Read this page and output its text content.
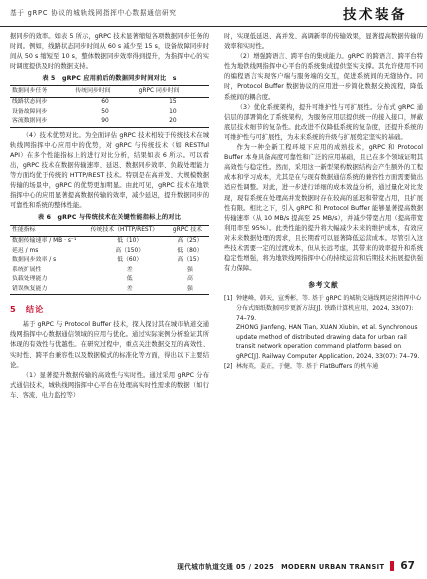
基于 gRPC 协议的城轨线网指挥中心数据通信研究	技术装备

据同步的效率。如表 5 所示，gRPC 技术显著缩短各项数据同步任务的时间。例如，线路状态同步时间从 60 s 减少至 15 s，设备故障同步时间从 50 s 缩短至 10 s，整体数据同步效率得到提升，为指挥中心的实时调度提供及时的数据支持。

表 5　gRPC 应用前后的数据同步时间对比　s
数据同步任务	传统同步时间	gRPC 同步时间
线路状态同步	60	15
设备故障同步	50	10
客流数据同步	90	20

（4）技术优势对比。为全面评估 gRPC 技术相较于传统技术在城轨线网指挥中心应用中的优势，对 gRPC 与传统技术（如 RESTful API）在多个性能指标上的进行对比分析，结果如表 6 所示。可以看出，gRPC 技术在数据传输速率、延迟、数据同步效率、负载处理能力等方面均优于传统的 HTTP/REST 技术。特别是在高并发、大规模数据传输的场景中，gRPC 的优势更加明显。由此可见，gRPC 技术在地铁指挥中心的应用显著提高数据传输的效率，减少延迟，提升数据同步的可靠性和系统的整体性能。

表 6　gRPC 与传统技术在关键性能指标上的对比
性能指标	传统技术（HTTP/REST）	gRPC 技术
数据传输速率 / MB · s⁻¹	低（10）	高（25）
延迟 / ms	高（150）	低（80）
数据同步效率 / s	低（60）	高（15）
系统扩展性	差	强
负载处理能力	低	高
错误恢复能力	差	强
5　结论

基于 gRPC 与 Protocol Buffer 技术，探入探讨其在城市轨道交通线网指挥中心数据通信领域的应用与优化。通过实际案例分析验证其所体现的有效性与优越性。在研究过程中，重点关注数据交互的高效性、实时性、跨平台兼容性以及数据模式的标准化等方面，得出以下主要结论。

（1）显著提升数据传输的高效性与实时性。通过采用 gRPC 分布式通信技术，城轨线网指挥中心平台在处理高实时性需求的数据（如行车、客流、电力监控等）

时，实现低延迟、高并发、高调新率的传输效果，显著提高数据传输的效率和实时性。

（2）增强跨语言、跨平台的集成能力。gRPC 的跨语言、跨平台特性为地铁线网指挥中心平台的系统集成提供坚实支撑。其允许使用不同的编程语言实现客户端与服务端的交互，促进系统间的无缝协作。同时，Protocol Buffer 数据协议的应用进一步简化数据交换流程，降低系统间的耦合度。

（3）优化系统架构，提升可维护性与可扩展性。分布式 gRPC 通信层的部署简化了系统架构，为服务应用层提供统一的接入接口，屏蔽底层技术细节的复杂性。此改进不仅降低系统的复杂度，还提升系统的可维护性与可扩展性，为未来系统的升级与扩展奠定坚实的基础。

作为一种全新工程环境下应用的成熟技术，gRPC 和 Protocol Buffer 本身具备高度可靠性和广泛的应用基础，且已在多个领域证明其高效性与稳定性。然而，采用这一新型架构数据结构会产生额外的工程成本和学习成本，尤其是在与现有数据通信系统的兼容性方面需要做出适应性调整。对此，进一步进行详细的成本效益分析，通过量化对比发现，现有系统在处理高并发数据时存在较高的延迟和带宽占用，且扩展性有限。相比之下，引入 gRPC 和 Protocol Buffer 能够显著提高数据传输速率（从 10 MB/s 提高至 25 MB/s），并减少带宽占用（提高带宽利用率至 95%）。此类性能的提升将大幅减少未来的维护成本，有效应对未来数据处理的需求，且长期看可以显著降低运营成本。尽管引入这些技术需要一定的过渡成本，但从长远考虑，其带来的效率提升和系统稳定性增强，将为地铁线网指挥中心的持续运营和后期技术拓展提供强有力保障。

参考文献
[1] 钟建峰，韩天，宣秀彬，等. 基于 gRPC 的城轨交通线网运营指挥中心分布式图纸数据同步更新方法[J]. 铁路计算机应用，2024, 33(07): 74–79.
ZHONG Jianfeng, HAN Tian, XUAN Xiubin, et al. Synchronous update method of distributed drawing data for urban rail transit network operation command platform based on gRPC[J]. Railway Computer Application, 2024, 33(07): 74–79.
[2] 林海英，姜正，于健，等. 基于 FlatBuffers 的机车通
现代城市轨道交通 05 / 2025　MODERN URBAN TRANSIT 67
